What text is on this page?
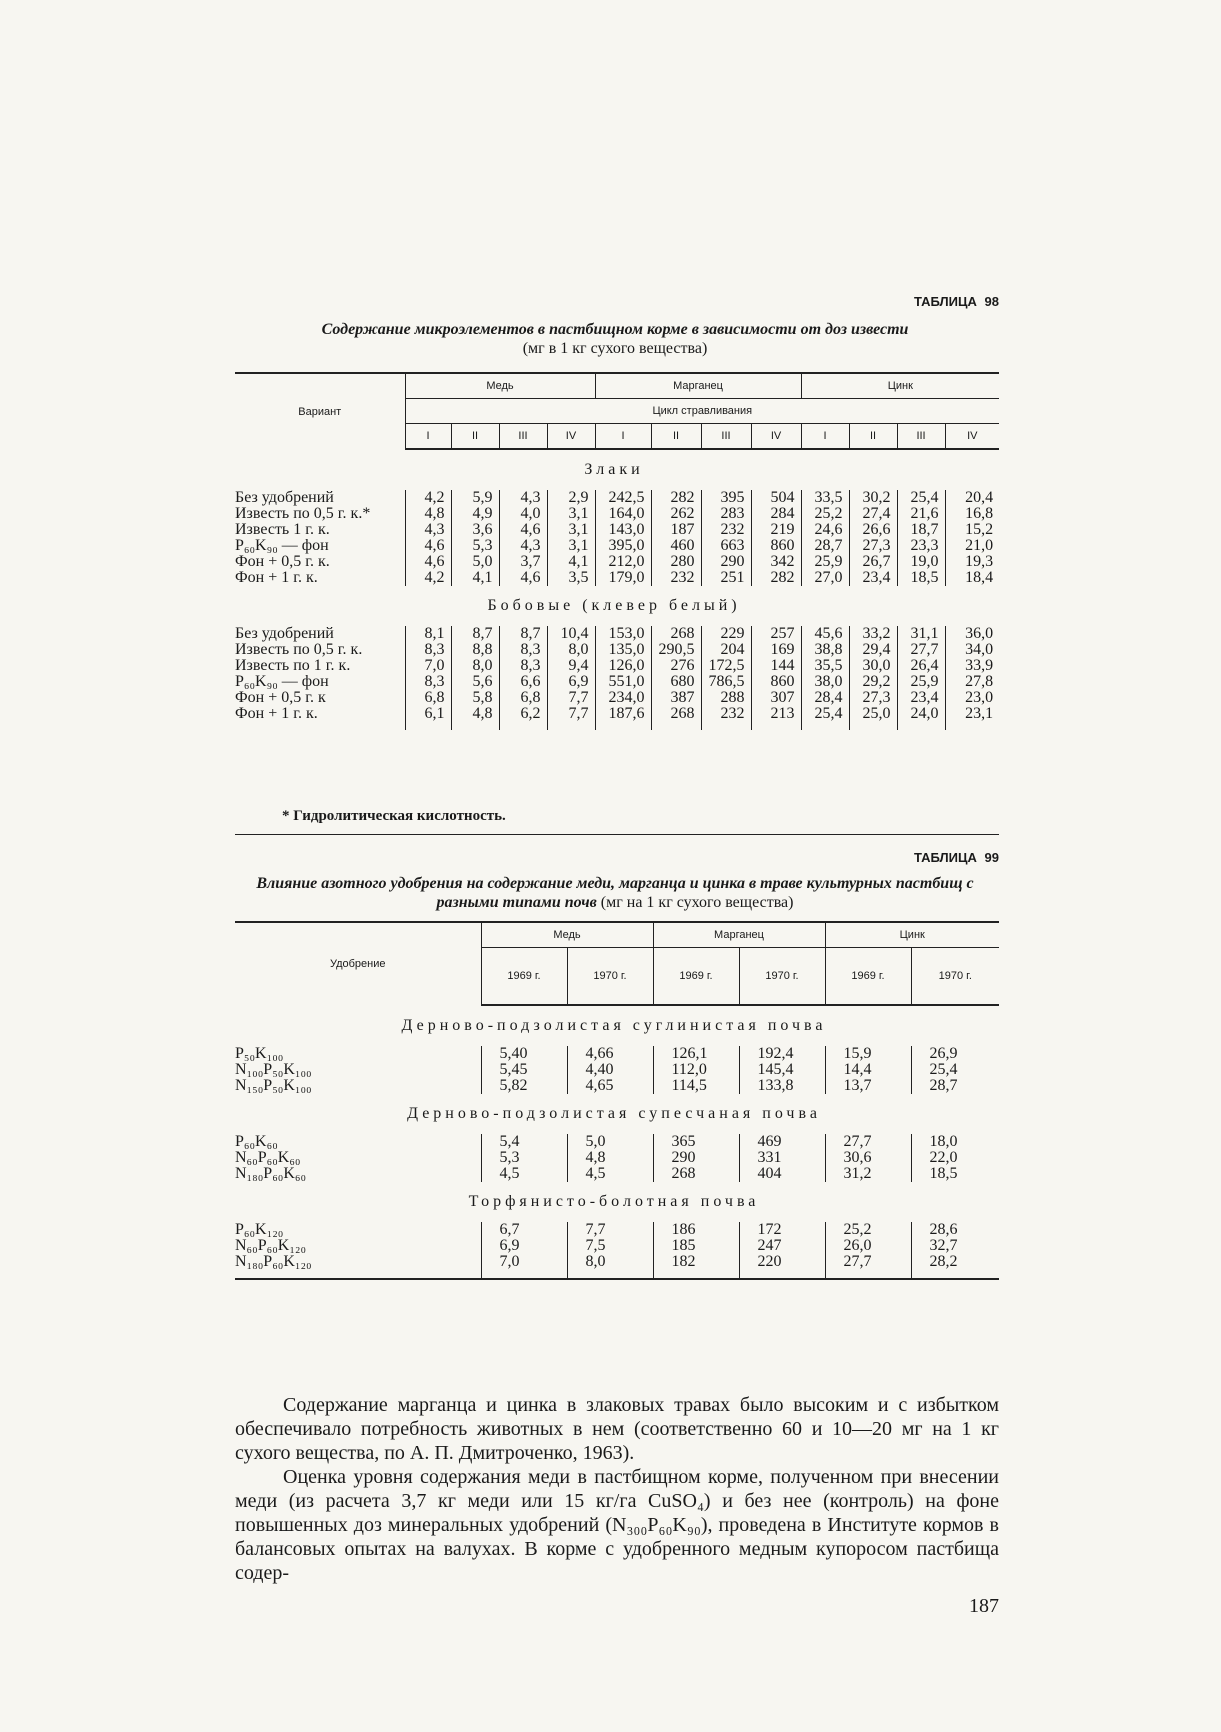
ТАБЛИЦА 98
Содержание микроэлементов в пастбищном корме в зависимости от доз извести
(мг в 1 кг сухого вещества)
Вариант	Медь				Марганец				Цинк			
	Цикл стравливания											
	I	II	III	IV	I	II	III	IV	I	II	III	IV
Злаки												
Без удобрений	4,2	5,9	4,3	2,9	242,5	282	395	504	33,5	30,2	25,4	20,4
Известь по 0,5 г. к.*	4,8	4,9	4,0	3,1	164,0	262	283	284	25,2	27,4	21,6	16,8
Известь 1 г. к.	4,3	3,6	4,6	3,1	143,0	187	232	219	24,6	26,6	18,7	15,2
P₆₀K₉₀ — фон	4,6	5,3	4,3	3,1	395,0	460	663	860	28,7	27,3	23,3	21,0
Фон + 0,5 г. к.	4,6	5,0	3,7	4,1	212,0	280	290	342	25,9	26,7	19,0	19,3
Фон + 1 г. к.	4,2	4,1	4,6	3,5	179,0	232	251	282	27,0	23,4	18,5	18,4
Бобовые (клевер белый)												
Без удобрений	8,1	8,7	8,7	10,4	153,0	268	229	257	45,6	33,2	31,1	36,0
Известь по 0,5 г. к.	8,3	8,8	8,3	8,0	135,0	290,5	204	169	38,8	29,4	27,7	34,0
Известь по 1 г. к.	7,0	8,0	8,3	9,4	126,0	276	172,5	144	35,5	30,0	26,4	33,9
P₆₀K₉₀ — фон	8,3	5,6	6,6	6,9	551,0	680	786,5	860	38,0	29,2	25,9	27,8
Фон + 0,5 г. к	6,8	5,8	6,8	7,7	234,0	387	288	307	28,4	27,3	23,4	23,0
Фон + 1 г. к.	6,1	4,8	6,2	7,7	187,6	268	232	213	25,4	25,0	24,0	23,1

* Гидролитическая кислотность.
ТАБЛИЦА 99
Влияние азотного удобрения на содержание меди, марганца и цинка в траве культурных пастбищ с разными типами почв (мг на 1 кг сухого вещества)
Удобрение	Медь		Марганец		Цинк	
	1969 г.	1970 г.	1969 г.	1970 г.	1969 г.	1970 г.
Дерново-подзолистая суглинистая почва						
P₅₀K₁₀₀	5,40	4,66	126,1	192,4	15,9	26,9
N₁₀₀P₅₀K₁₀₀	5,45	4,40	112,0	145,4	14,4	25,4
N₁₅₀P₅₀K₁₀₀	5,82	4,65	114,5	133,8	13,7	28,7
Дерново-подзолистая супесчаная почва						
P₆₀K₆₀	5,4	5,0	365	469	27,7	18,0
N₆₀P₆₀K₆₀	5,3	4,8	290	331	30,6	22,0
N₁₈₀P₆₀K₆₀	4,5	4,5	268	404	31,2	18,5
Торфянисто-болотная почва						
P₆₀K₁₂₀	6,7	7,7	186	172	25,2	28,6
N₆₀P₆₀K₁₂₀	6,9	7,5	185	247	26,0	32,7
N₁₈₀P₆₀K₁₂₀	7,0	8,0	182	220	27,7	28,2

Содержание марганца и цинка в злаковых травах было высоким и с избытком обеспечивало потребность животных в нем (соответственно 60 и 10—20 мг на 1 кг сухого вещества, по А. П. Дмитроченко, 1963).

Оценка уровня содержания меди в пастбищном корме, полученном при внесении меди (из расчета 3,7 кг меди или 15 кг/га CuSO₄) и без нее (контроль) на фоне повышенных доз минеральных удобрений (N₃₀₀P₆₀K₉₀), проведена в Институте кормов в балансовых опытах на валухах. В корме с удобренного медным купоросом пастбища содер-

187
